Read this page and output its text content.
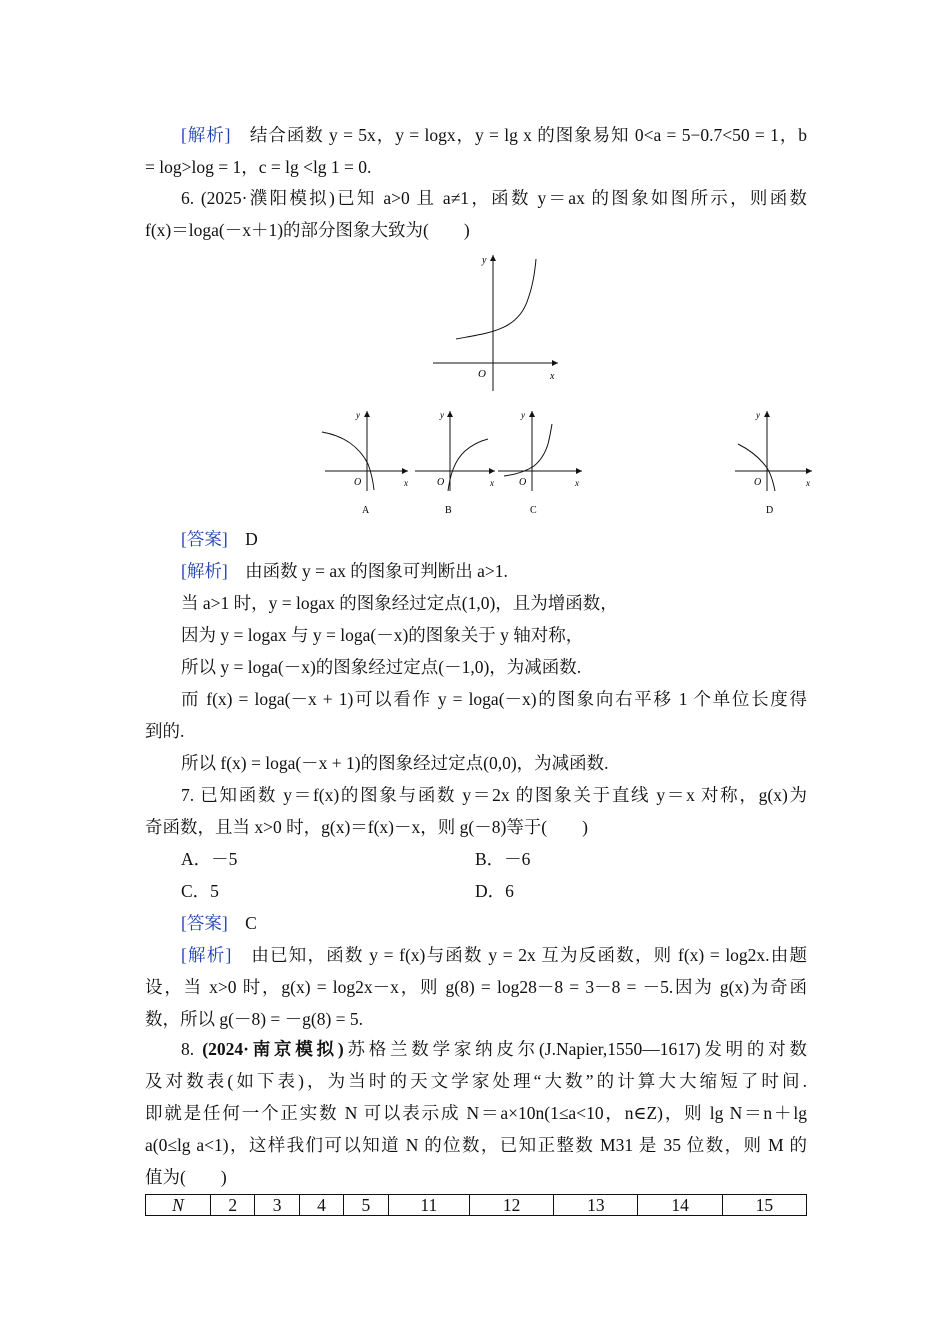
[解析]　 结合函数 y = 5x，y = logx，y = lg x 的图象易知 0<a = 5−0.7<50 = 1，b
= log>log = 1，c = lg <lg 1 = 0.
6. (2025·濮阳模拟)已知 a>0 且 a≠1，函数 y＝ax 的图象如图所示，则函数
f(x)＝loga(－x＋1)的部分图象大致为(　　)
O	x
y
O	x
y
A
O	x
y
B
O	x
y
C
O	x
y
D
[答案]　 D
[解析]　 由函数 y = ax 的图象可判断出 a>1.
当 a>1 时，y = logax 的图象经过定点(1,0)，且为增函数，
因为 y = logax 与 y = loga(－x)的图象关于 y 轴对称，
所以 y = loga(－x)的图象经过定点(－1,0)，为减函数.
而 f(x) = loga(－x + 1)可以看作 y = loga(－x)的图象向右平移 1 个单位长度得
到的.
所以 f(x) = loga(－x + 1)的图象经过定点(0,0)，为减函数.
7. 已知函数 y＝f(x)的图象与函数 y＝2x 的图象关于直线 y＝x 对称，g(x)为
奇函数，且当 x>0 时，g(x)＝f(x)－x，则 g(－8)等于(　　)
A．－5	B．－6
C．5	D．6
[答案]　 C
[解析]　 由已知，函数 y = f(x)与函数 y = 2x 互为反函数，则 f(x) = log2x.由题
设，当 x>0 时，g(x) = log2x－x，则 g(8) = log28－8 = 3－8 = －5.因为 g(x)为奇函
数，所以 g(－8) = －g(8) = 5.
8. (2024·南京模拟)苏格兰数学家纳皮尔(J.Napier,1550—1617)发明的对数
及对数表(如下表)，为当时的天文学家处理“大数”的计算大大缩短了时间.
即就是任何一个正实数 N 可以表示成 N＝a×10n(1≤a<10，n∈Z)，则 lg N＝n＋lg
a(0≤lg a<1)，这样我们可以知道 N 的位数，已知正整数 M31 是 35 位数，则 M 的
值为(　　)
N	2	3	4	5	11	12	13	14	15
